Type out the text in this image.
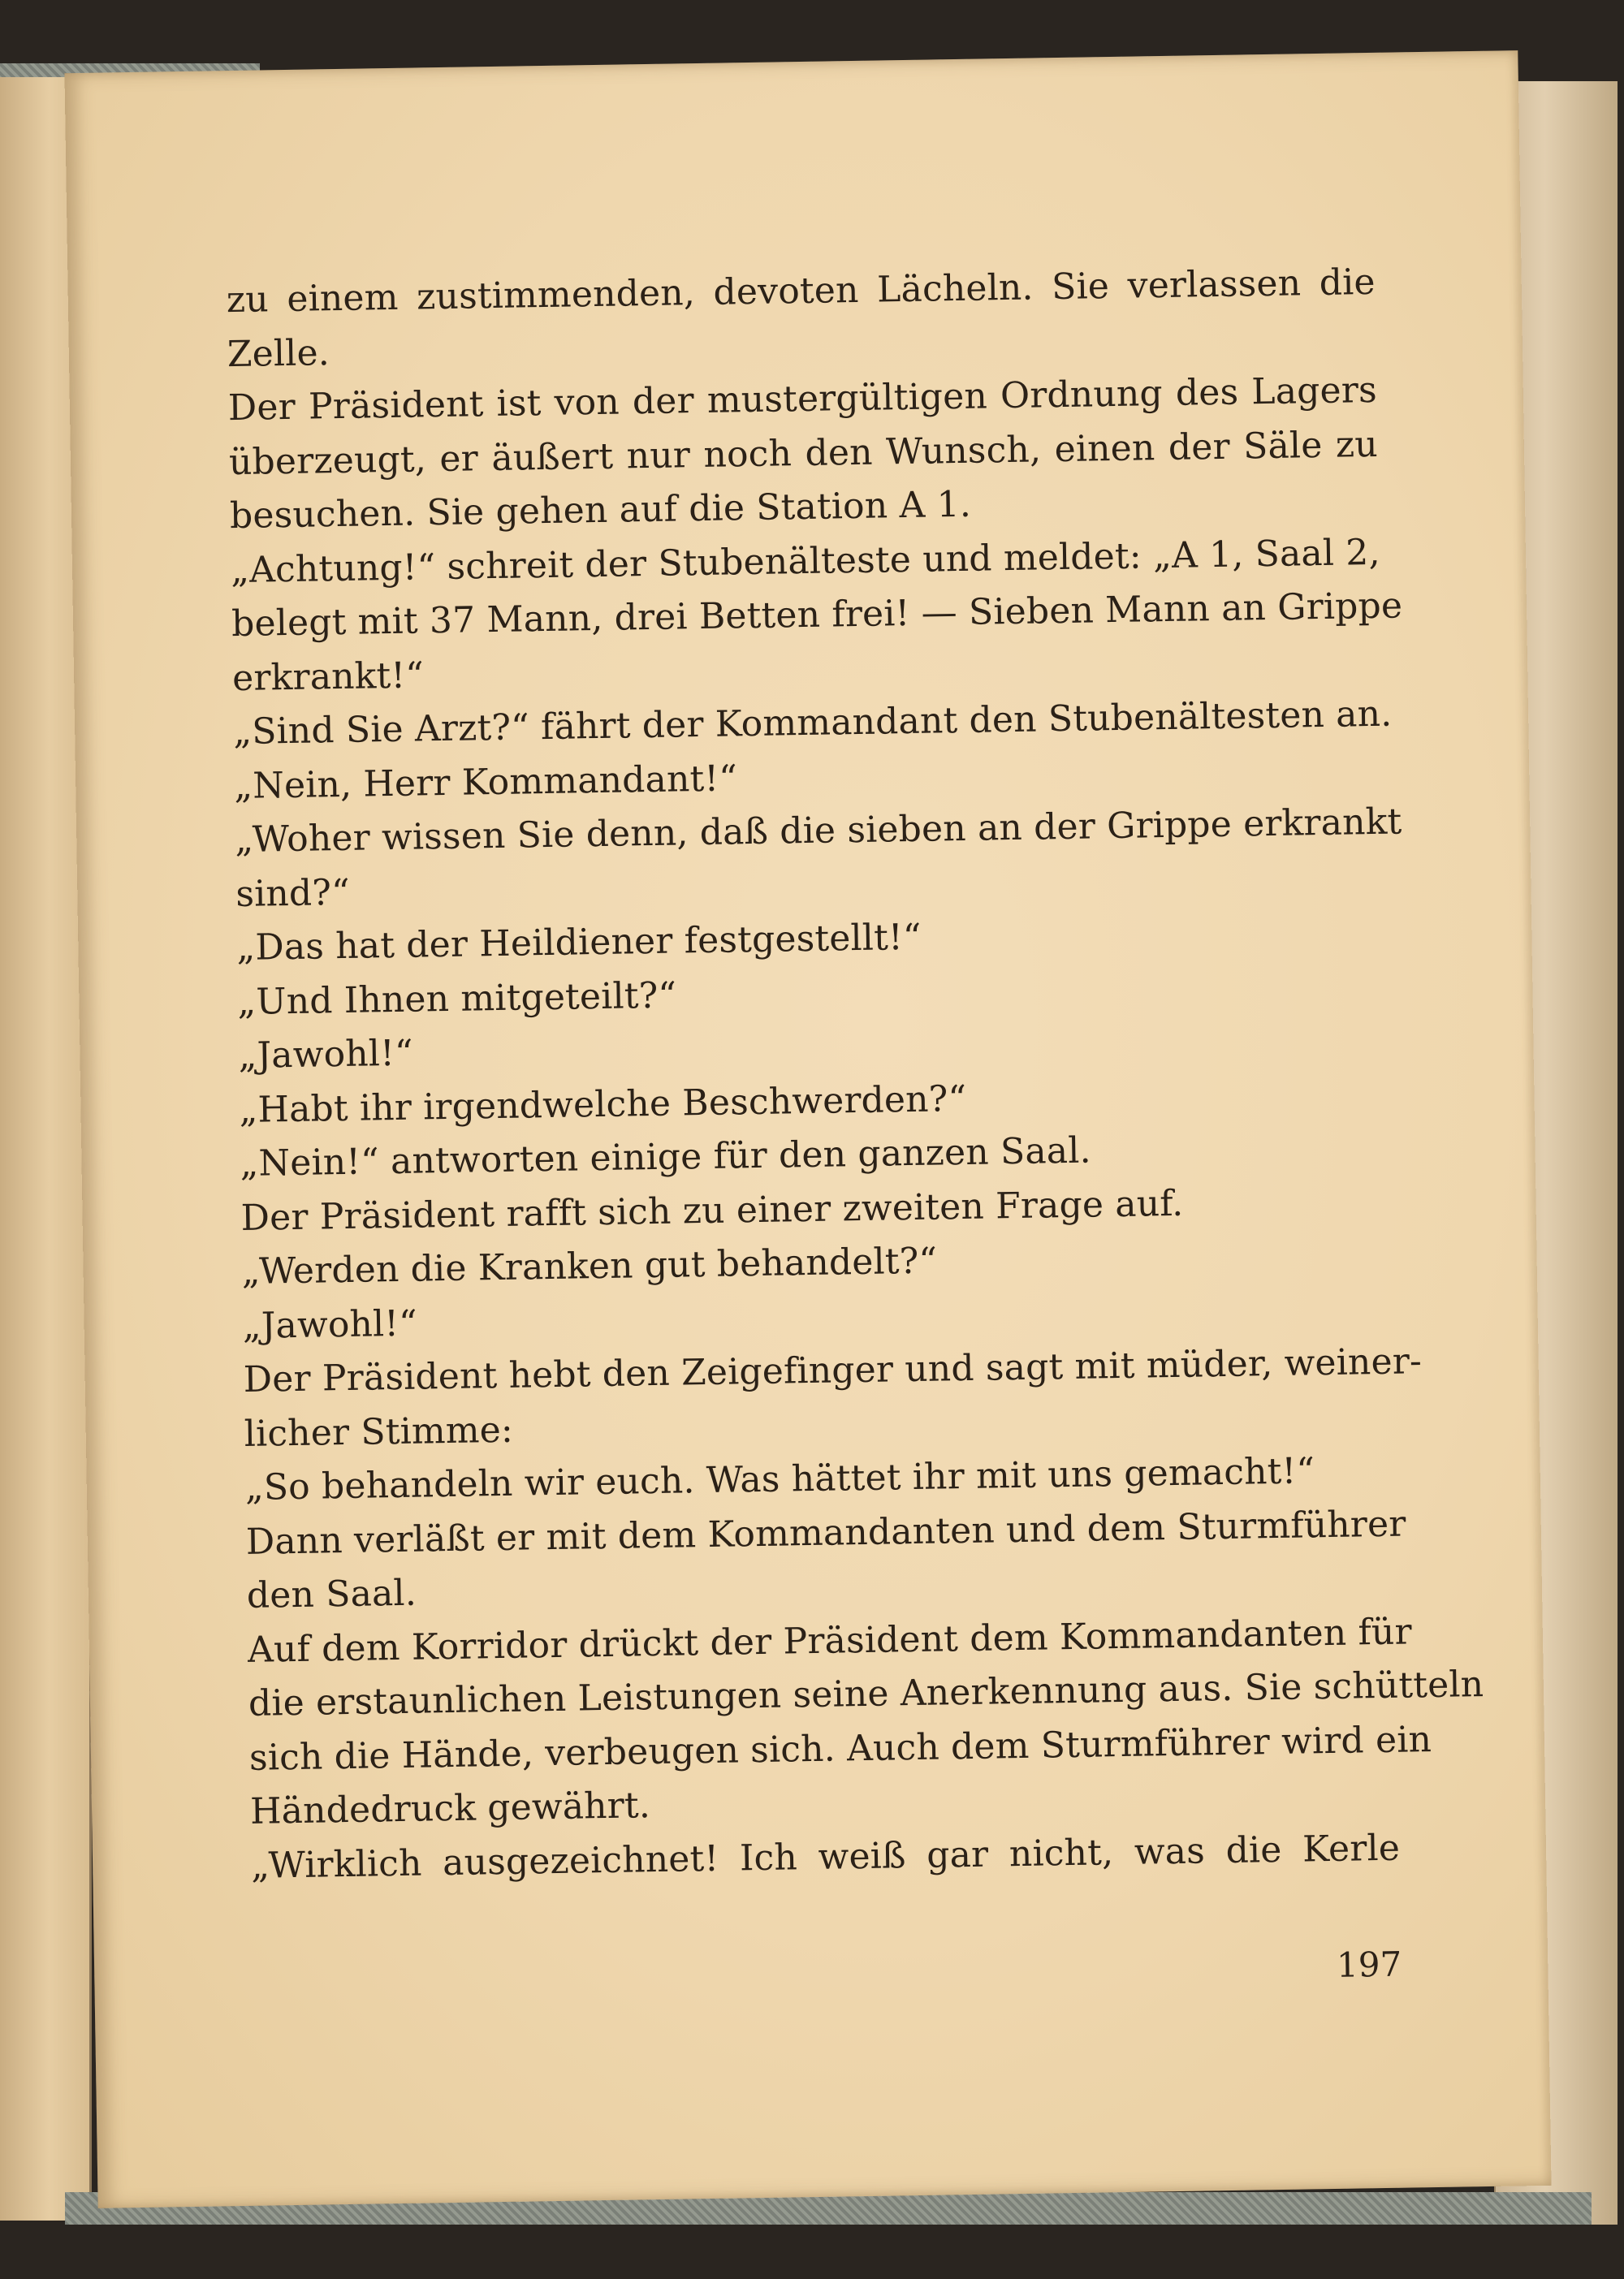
zu einem zustimmenden, devoten Lächeln. Sie verlassen die
Zelle.
Der Präsident ist von der mustergültigen Ordnung des Lagers
überzeugt, er äußert nur noch den Wunsch, einen der Säle zu
besuchen. Sie gehen auf die Station A 1.
„Achtung!“ schreit der Stubenälteste und meldet: „A 1, Saal 2,
belegt mit 37 Mann, drei Betten frei! — Sieben Mann an Grippe
erkrankt!“
„Sind Sie Arzt?“ fährt der Kommandant den Stubenältesten an.
„Nein, Herr Kommandant!“
„Woher wissen Sie denn, daß die sieben an der Grippe erkrankt
sind?“
„Das hat der Heildiener festgestellt!“
„Und Ihnen mitgeteilt?“
„Jawohl!“
„Habt ihr irgendwelche Beschwerden?“
„Nein!“ antworten einige für den ganzen Saal.
Der Präsident rafft sich zu einer zweiten Frage auf.
„Werden die Kranken gut behandelt?“
„Jawohl!“
Der Präsident hebt den Zeigefinger und sagt mit müder, weiner-
licher Stimme:
„So behandeln wir euch. Was hättet ihr mit uns gemacht!“
Dann verläßt er mit dem Kommandanten und dem Sturmführer
den Saal.
Auf dem Korridor drückt der Präsident dem Kommandanten für
die erstaunlichen Leistungen seine Anerkennung aus. Sie schütteln
sich die Hände, verbeugen sich. Auch dem Sturmführer wird ein
Händedruck gewährt.
„Wirklich ausgezeichnet! Ich weiß gar nicht, was die Kerle
197
